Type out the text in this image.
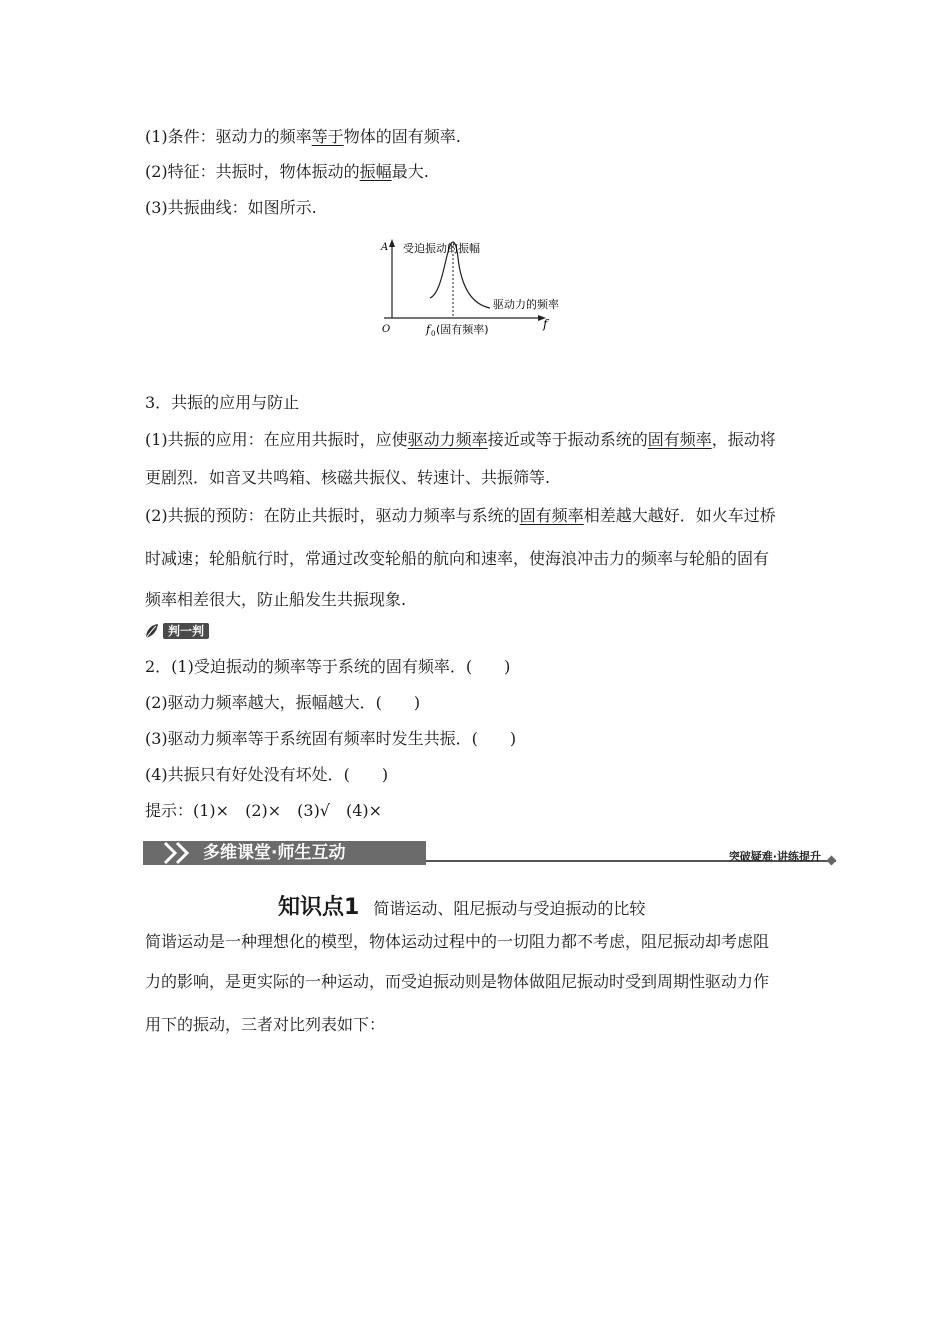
(1)条件：驱动力的频率等于物体的固有频率.
(2)特征：共振时，物体振动的振幅最大.
(3)共振曲线：如图所示.
A 受迫振动的振幅
驱动力的频率
O	f
f 0 (固有频率)
3．共振的应用与防止
(1)共振的应用：在应用共振时，应使驱动力频率接近或等于振动系统的固有频率，振动将
更剧烈．如音叉共鸣箱、核磁共振仪、转速计、共振筛等.
(2)共振的预防：在防止共振时，驱动力频率与系统的固有频率相差越大越好．如火车过桥
时减速；轮船航行时，常通过改变轮船的航向和速率，使海浪冲击力的频率与轮船的固有
频率相差很大，防止船发生共振现象.
判一判
2．(1)受迫振动的频率等于系统的固有频率．(　　)
(2)驱动力频率越大，振幅越大．(　　)
(3)驱动力频率等于系统固有频率时发生共振．(　　)
(4)共振只有好处没有坏处．(　　)
提示：(1)×　(2)×　(3)√　(4)×
多维课堂·师生互动	突破疑难·讲练提升
知识点1 简谐运动、阻尼振动与受迫振动的比较
简谐运动是一种理想化的模型，物体运动过程中的一切阻力都不考虑，阻尼振动却考虑阻
力的影响，是更实际的一种运动，而受迫振动则是物体做阻尼振动时受到周期性驱动力作
用下的振动，三者对比列表如下：
